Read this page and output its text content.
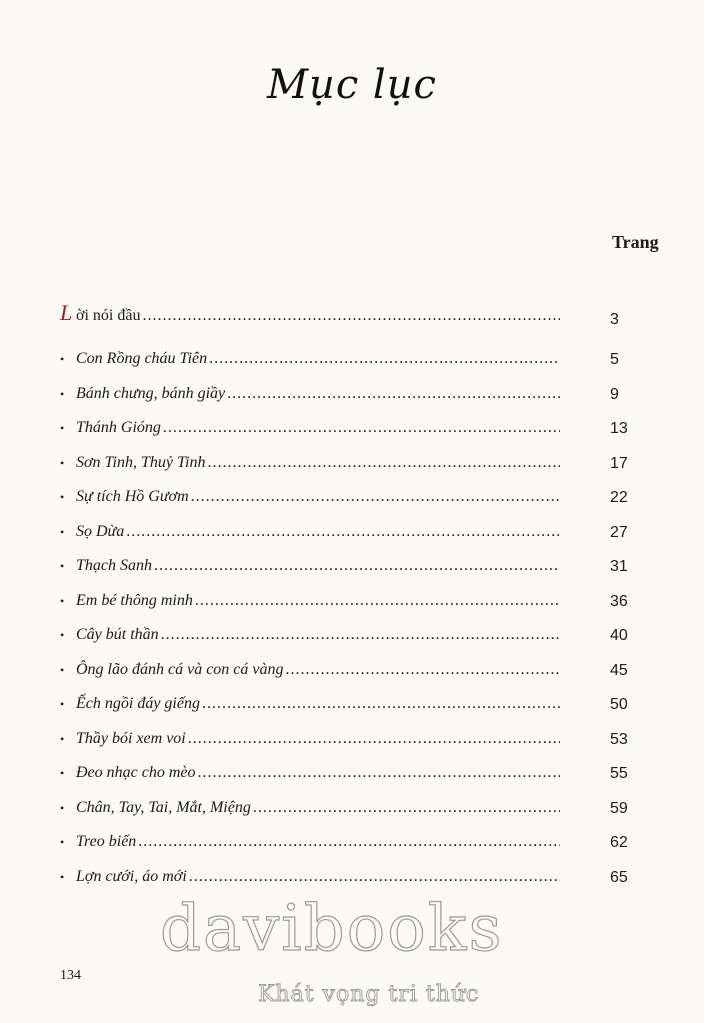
Mục lục
Trang
L ời nói đầu .....	3
• Con Rồng cháu Tiên .....	5
• Bánh chưng, bánh giầy .....	9
• Thánh Gióng .....	13
• Sơn Tinh, Thuỷ Tinh .....	17
• Sự tích Hồ Gươm .....	22
• Sọ Dừa .....	27
• Thạch Sanh .....	31
• Em bé thông minh .....	36
• Cây bút thần .....	40
• Ông lão đánh cá và con cá vàng .....	45
• Ếch ngồi đáy giếng .....	50
• Thầy bói xem voi .....	53
• Đeo nhạc cho mèo .....	55
• Chân, Tay, Tai, Mắt, Miệng .....	59
• Treo biển .....	62
• Lợn cưới, áo mới .....	65
134
davibooks
Khát vọng tri thức
